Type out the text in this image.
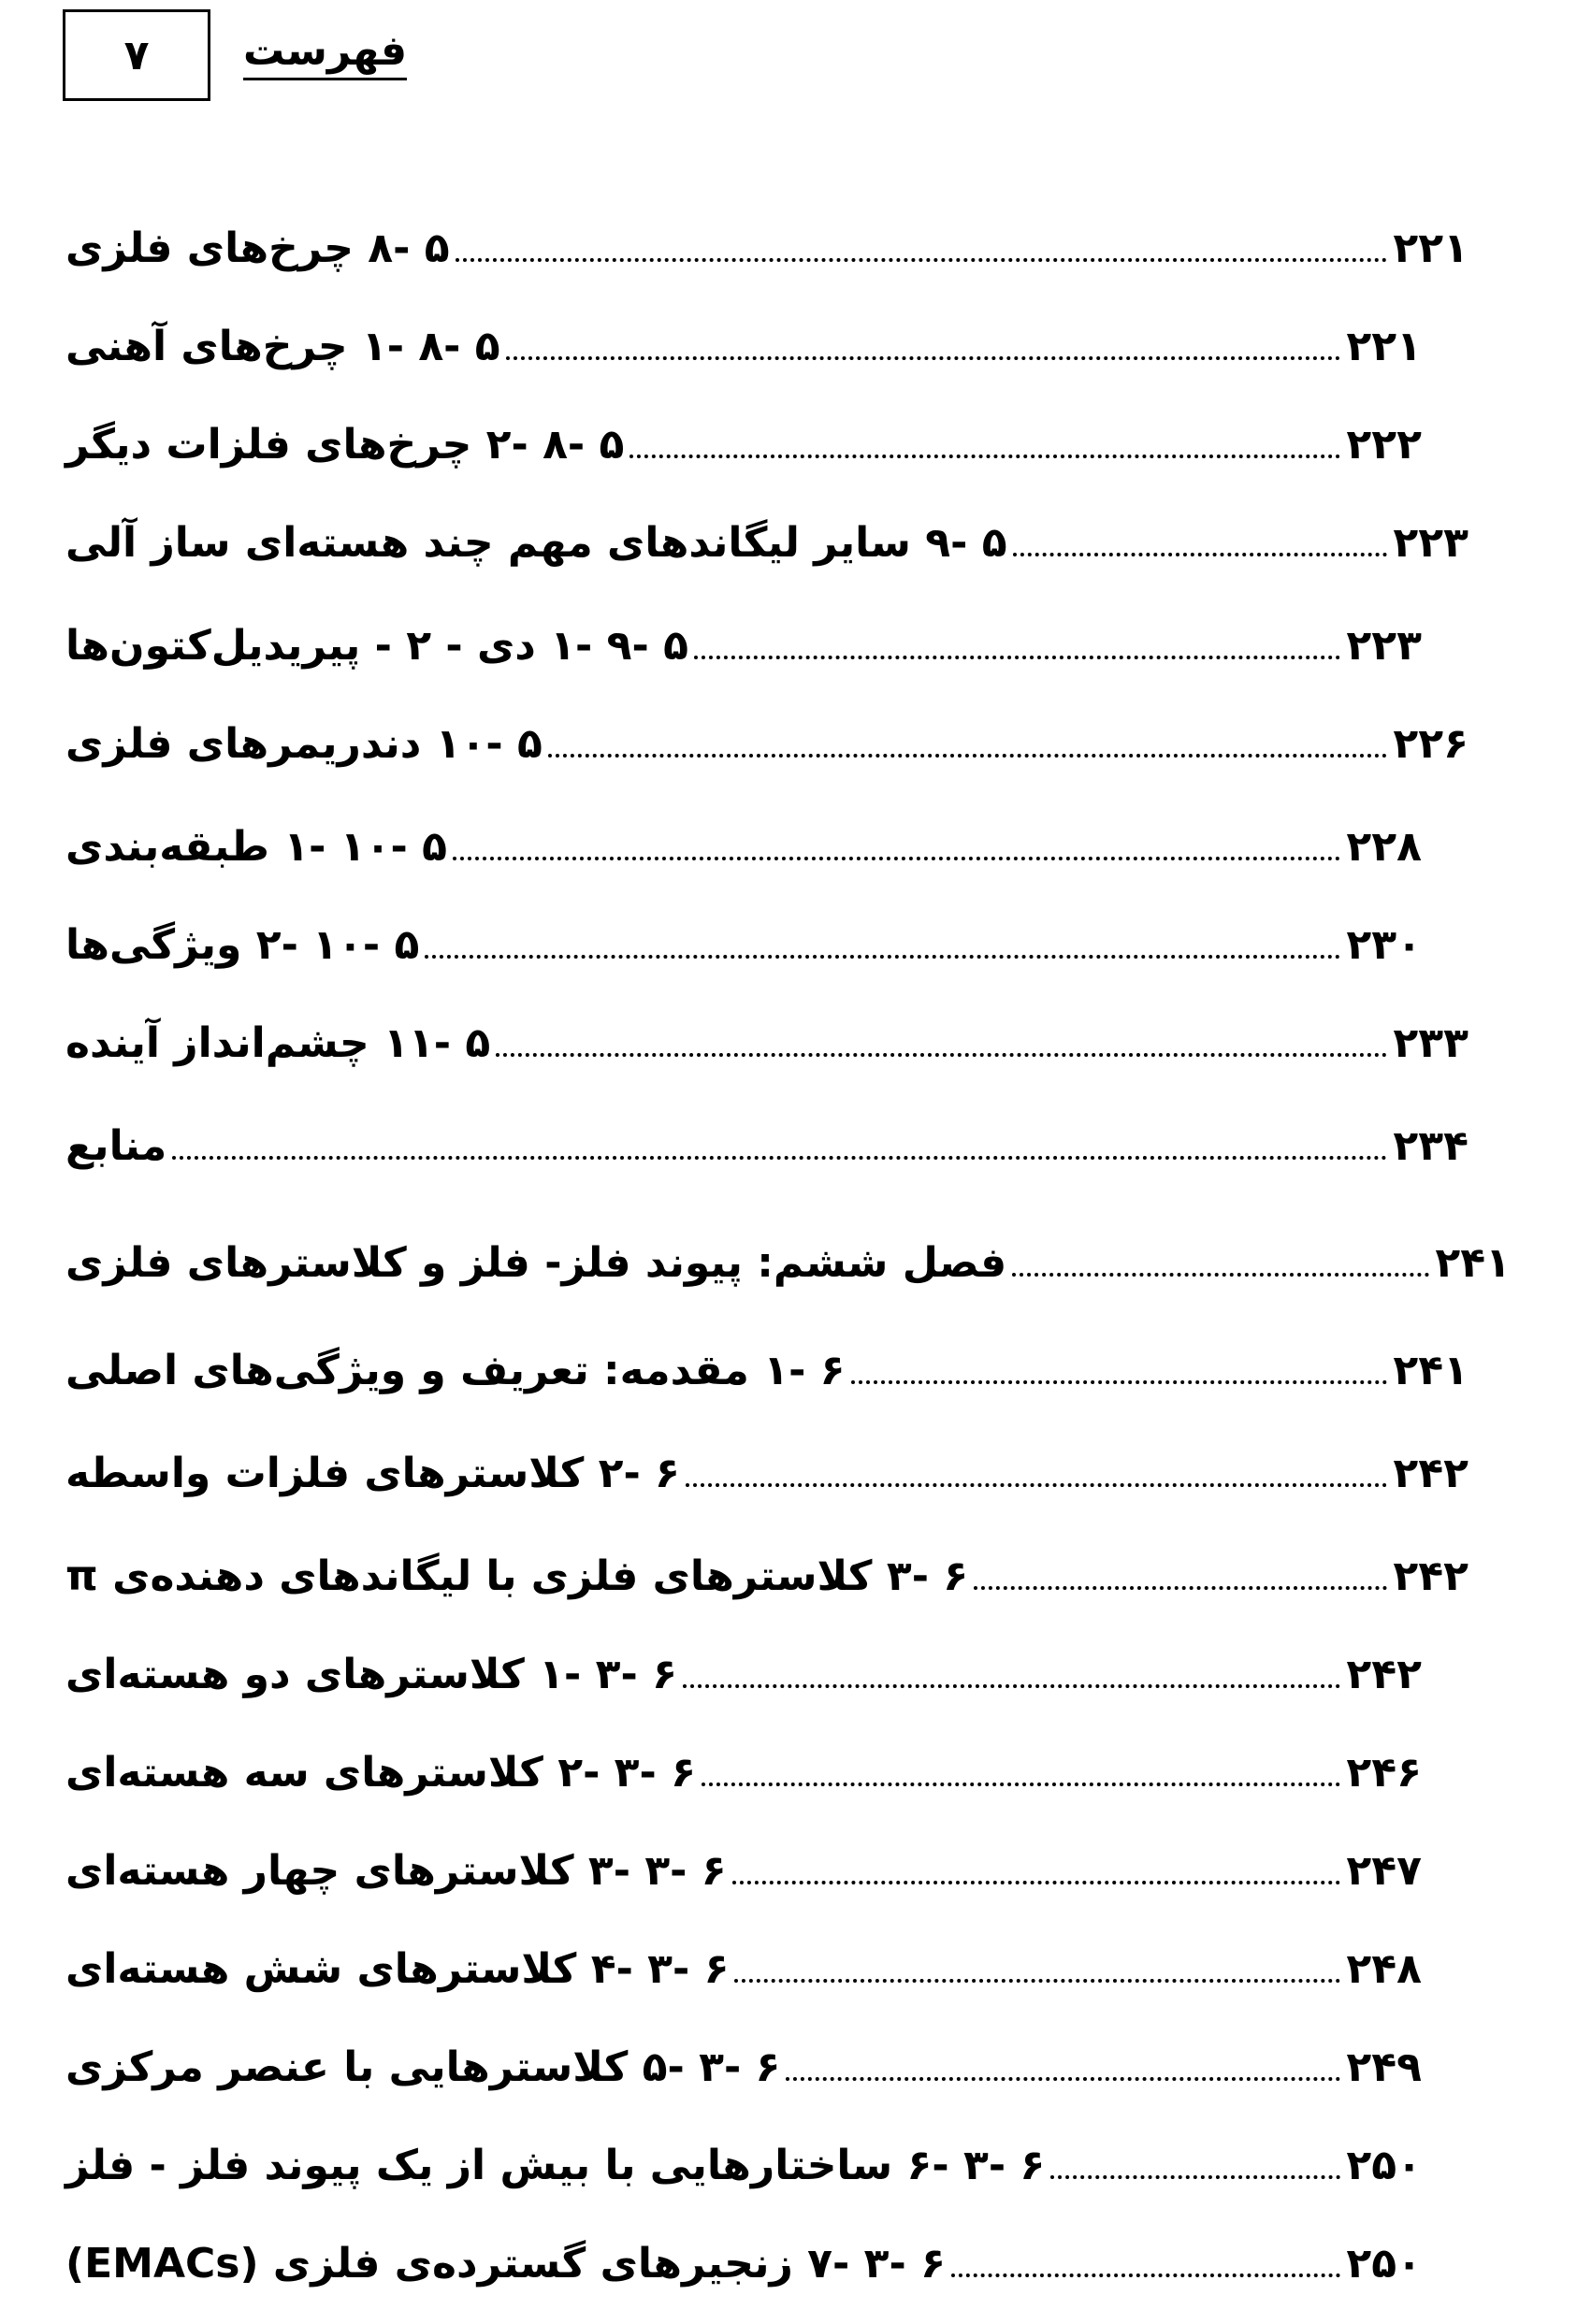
۷ فهرست
۵ -۸ چرخ‌های فلزی	۲۲۱
۵ -۸ -۱ چرخ‌های آهنی	۲۲۱
۵ -۸ -۲ چرخ‌های فلزات دیگر	۲۲۲
۵ -۹ سایر لیگاندهای مهم چند هسته‌ای ساز آلی	۲۲۳
۵ -۹ -۱ دی - ۲ - پیریدیل‌کتون‌ها	۲۲۳
۵ -۱۰ دندریمرهای فلزی	۲۲۶
۵ -۱۰ -۱ طبقه‌بندی	۲۲۸
۵ -۱۰ -۲ ویژگی‌ها	۲۳۰
۵ -۱۱ چشم‌انداز آینده	۲۳۳
منابع	۲۳۴
فصل ششم: پیوند فلز- فلز و کلاسترهای فلزی	۲۴۱
۶ -۱ مقدمه: تعریف و ویژگی‌های اصلی	۲۴۱
۶ -۲ کلاسترهای فلزات واسطه	۲۴۲
۶ -۳ کلاسترهای فلزی با لیگاندهای دهنده‌ی π	۲۴۲
۶ -۳ -۱ کلاسترهای دو هسته‌ای	۲۴۲
۶ -۳ -۲ کلاسترهای سه هسته‌ای	۲۴۶
۶ -۳ -۳ کلاسترهای چهار هسته‌ای	۲۴۷
۶ -۳ -۴ کلاسترهای شش هسته‌ای	۲۴۸
۶ -۳ -۵ کلاسترهایی با عنصر مرکزی	۲۴۹
۶ -۳ -۶ ساختارهایی با بیش از یک پیوند فلز - فلز	۲۵۰
۶ -۳ -۷ زنجیرهای گسترده‌ی فلزی (EMACs)	۲۵۰
